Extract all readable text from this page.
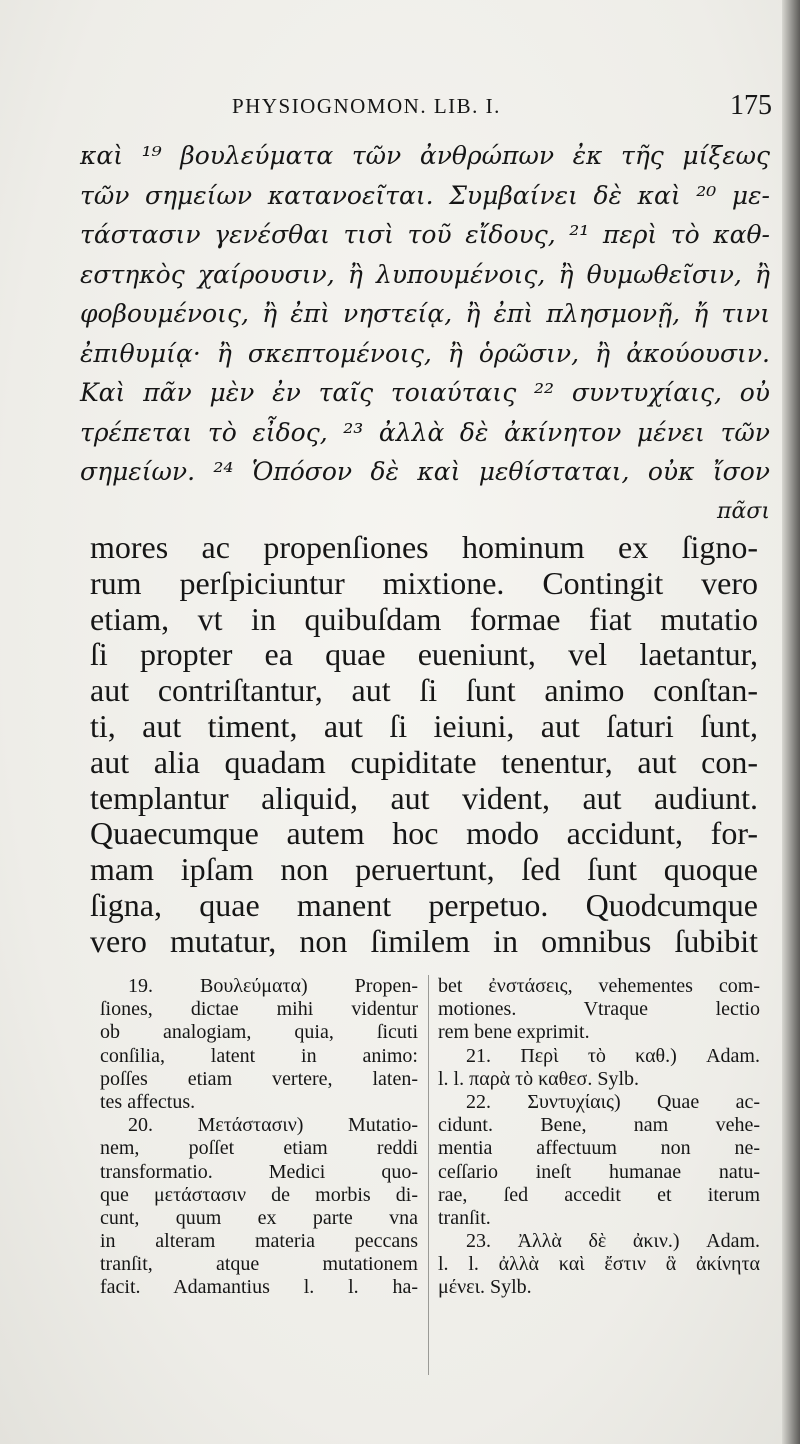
PHYSIOGNOMON. LIB. I.	175
καὶ ¹⁹ βουλεύματα τῶν ἀνθρώπων ἐκ τῆς μίξεως
τῶν σημείων κατανοεῖται. Συμβαίνει δὲ καὶ ²⁰ με-
τάστασιν γενέσθαι τισὶ τοῦ εἴδους, ²¹ περὶ τὸ καθ-
εστηκὸς χαίρουσιν, ἢ λυπουμένοις, ἢ θυμωθεῖσιν, ἢ
φοβουμένοις, ἢ ἐπὶ νηστείᾳ, ἢ ἐπὶ πλησμονῇ, ἤ τινι
ἐπιθυμίᾳ· ἢ σκεπτομένοις, ἢ ὁρῶσιν, ἢ ἀκούουσιν.
Καὶ πᾶν μὲν ἐν ταῖς τοιαύταις ²² συντυχίαις, οὐ
τρέπεται τὸ εἶδος, ²³ ἀλλὰ δὲ ἀκίνητον μένει τῶν
σημείων. ²⁴ Ὁπόσον δὲ καὶ μεθίσταται, οὐκ ἴσον
πᾶσι
mores ac propenſiones hominum ex ſigno-
rum perſpiciuntur mixtione. Contingit vero
etiam, vt in quibuſdam formae fiat mutatio
ſi propter ea quae eueniunt, vel laetantur,
aut contriſtantur, aut ſi ſunt animo conſtan-
ti, aut timent, aut ſi ieiuni, aut ſaturi ſunt,
aut alia quadam cupiditate tenentur, aut con-
templantur aliquid, aut vident, aut audiunt.
Quaecumque autem hoc modo accidunt, for-
mam ipſam non peruertunt, ſed ſunt quoque
ſigna, quae manent perpetuo. Quodcumque
vero mutatur, non ſimilem in omnibus ſubibit
19. Βουλεύματα) Propen-
ſiones, dictae mihi videntur
ob analogiam, quia, ſicuti
conſilia, latent in animo:
poſſes etiam vertere, laten-
tes affectus.
20. Μετάστασιν) Mutatio-
nem, poſſet etiam reddi
transformatio. Medici quo-
que μετάστασιν de morbis di-
cunt, quum ex parte vna
in alteram materia peccans
tranſit, atque mutationem
facit. Adamantius l. l. ha-
bet ἐνστάσεις, vehementes com-
motiones. Vtraque lectio
rem bene exprimit.
21. Περὶ τὸ καθ.) Adam.
l. l. παρὰ τὸ καθεσ. Sylb.
22. Συντυχίαις) Quae ac-
cidunt. Bene, nam vehe-
mentia affectuum non ne-
ceſſario ineſt humanae natu-
rae, ſed accedit et iterum
tranſit.
23. Ἀλλὰ δὲ ἀκιν.) Adam.
l. l. ἀλλὰ καὶ ἔστιν ἃ ἀκίνητα
μένει. Sylb.
